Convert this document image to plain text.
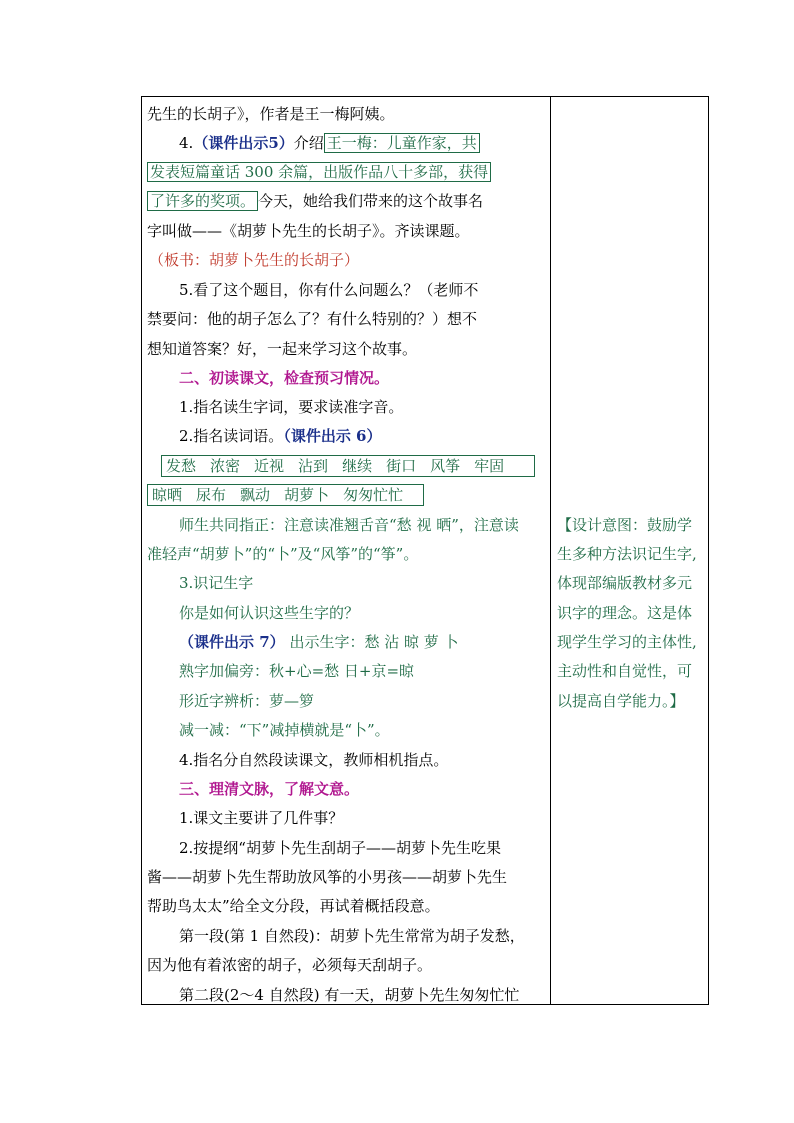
先生的长胡子》，作者是王一梅阿姨。
4.（课件出示5）介绍 王一梅：儿童作家，共
发表短篇童话 300 余篇，出版作品八十多部，获得
了许多的奖项。 今天，她给我们带来的这个故事名
字叫做——《胡萝卜先生的长胡子》。齐读课题。
（板书：胡萝卜先生的长胡子）
5.看了这个题目，你有什么问题么？（老师不
禁要问：他的胡子怎么了？有什么特别的？）想不
想知道答案？好，一起来学习这个故事。
二、初读课文，检查预习情况。
1.指名读生字词，要求读准字音。
2.指名读词语。（课件出示 6）
发愁 浓密 近视 沾到 继续 街口 风筝 牢固
晾晒 尿布 飘动 胡萝卜 匆匆忙忙
师生共同指正：注意读准翘舌音“愁 视 晒”，注意读
准轻声“胡萝卜”的“卜”及“风筝”的“筝”。
3.识记生字
你是如何认识这些生字的？
（课件出示 7） 出示生字：愁 沾 晾 萝 卜
熟字加偏旁：秋+心=愁 日+京=晾
形近字辨析：萝—箩
减一减：“下”减掉横就是“卜”。
4.指名分自然段读课文，教师相机指点。
三、理清文脉，了解文意。
1.课文主要讲了几件事？
2.按提纲“胡萝卜先生刮胡子——胡萝卜先生吃果
酱——胡萝卜先生帮助放风筝的小男孩——胡萝卜先生
帮助鸟太太”给全文分段，再试着概括段意。
第一段(第 1 自然段)：胡萝卜先生常常为胡子发愁，
因为他有着浓密的胡子，必须每天刮胡子。
第二段(2～4 自然段) 有一天，胡萝卜先生匆匆忙忙
【设计意图：鼓励学
生多种方法识记生字,
体现部编版教材多元
识字的理念。这是体
现学生学习的主体性,
主动性和自觉性，可
以提高自学能力。】
